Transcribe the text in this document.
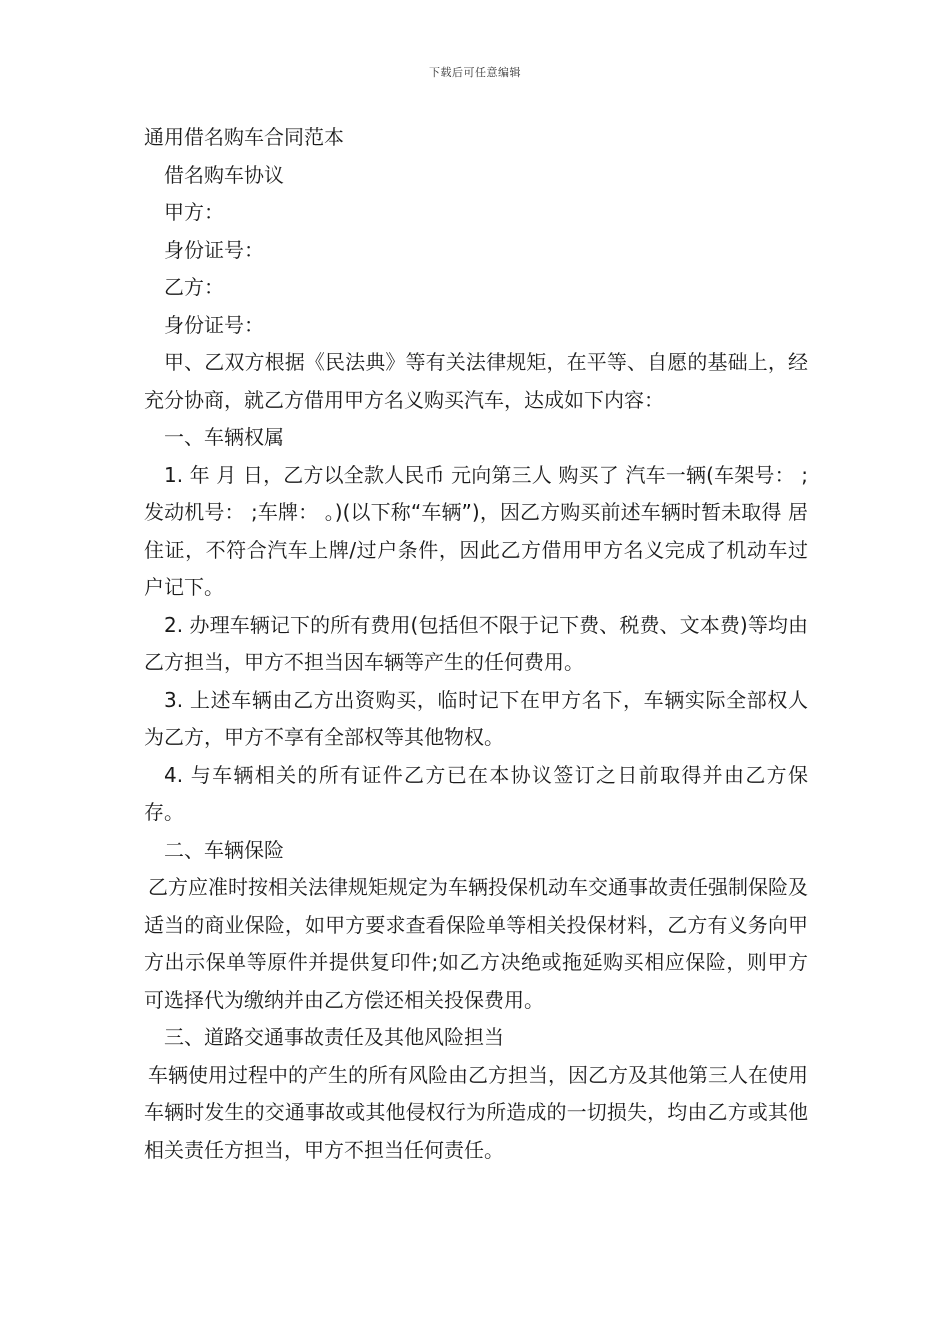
下载后可任意编辑

通用借名购车合同范本

借名购车协议

甲方：

身份证号：

乙方：

身份证号：

甲、乙双方根据《民法典》等有关法律规矩，在平等、自愿的基础上，经充分协商，就乙方借用甲方名义购买汽车，达成如下内容：

一、车辆权属

1. 年 月 日，乙方以全款人民币 元向第三人 购买了 汽车一辆(车架号： ;发动机号： ;车牌： 。)(以下称“车辆”)，因乙方购买前述车辆时暂未取得 居住证，不符合汽车上牌/过户条件，因此乙方借用甲方名义完成了机动车过户记下。

2. 办理车辆记下的所有费用(包括但不限于记下费、税费、文本费)等均由乙方担当，甲方不担当因车辆等产生的任何费用。

3. 上述车辆由乙方出资购买，临时记下在甲方名下，车辆实际全部权人为乙方，甲方不享有全部权等其他物权。

4. 与车辆相关的所有证件乙方已在本协议签订之日前取得并由乙方保存。

二、车辆保险

乙方应准时按相关法律规矩规定为车辆投保机动车交通事故责任强制保险及适当的商业保险，如甲方要求查看保险单等相关投保材料，乙方有义务向甲方出示保单等原件并提供复印件;如乙方决绝或拖延购买相应保险，则甲方可选择代为缴纳并由乙方偿还相关投保费用。

三、道路交通事故责任及其他风险担当

车辆使用过程中的产生的所有风险由乙方担当，因乙方及其他第三人在使用车辆时发生的交通事故或其他侵权行为所造成的一切损失，均由乙方或其他相关责任方担当，甲方不担当任何责任。
